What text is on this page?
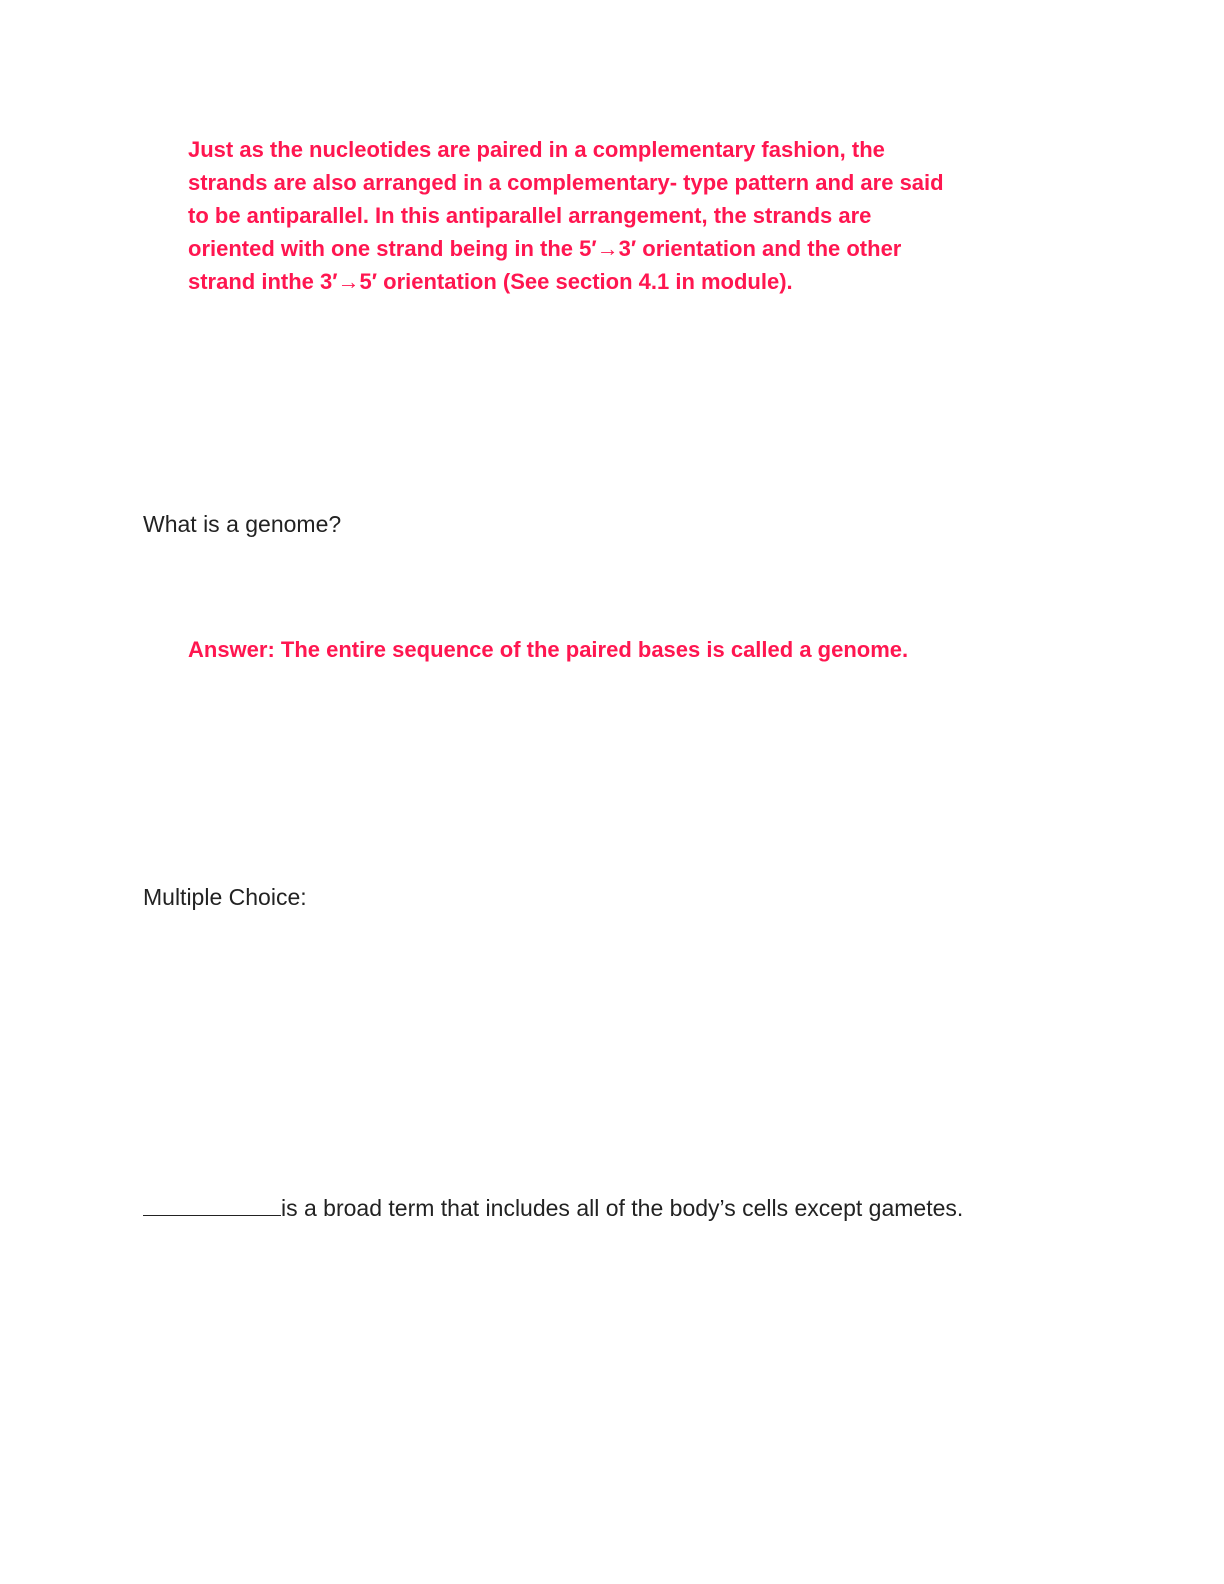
Just as the nucleotides are paired in a complementary fashion, the
strands are also arranged in a complementary- type pattern and are said
to be antiparallel. In this antiparallel arrangement, the strands are
oriented with one strand being in the 5′→3′ orientation and the other
strand inthe 3′→5′ orientation (See section 4.1 in module).
What is a genome?
Answer: The entire sequence of the paired bases is called a genome.
Multiple Choice:
is a broad term that includes all of the body’s cells except gametes.
